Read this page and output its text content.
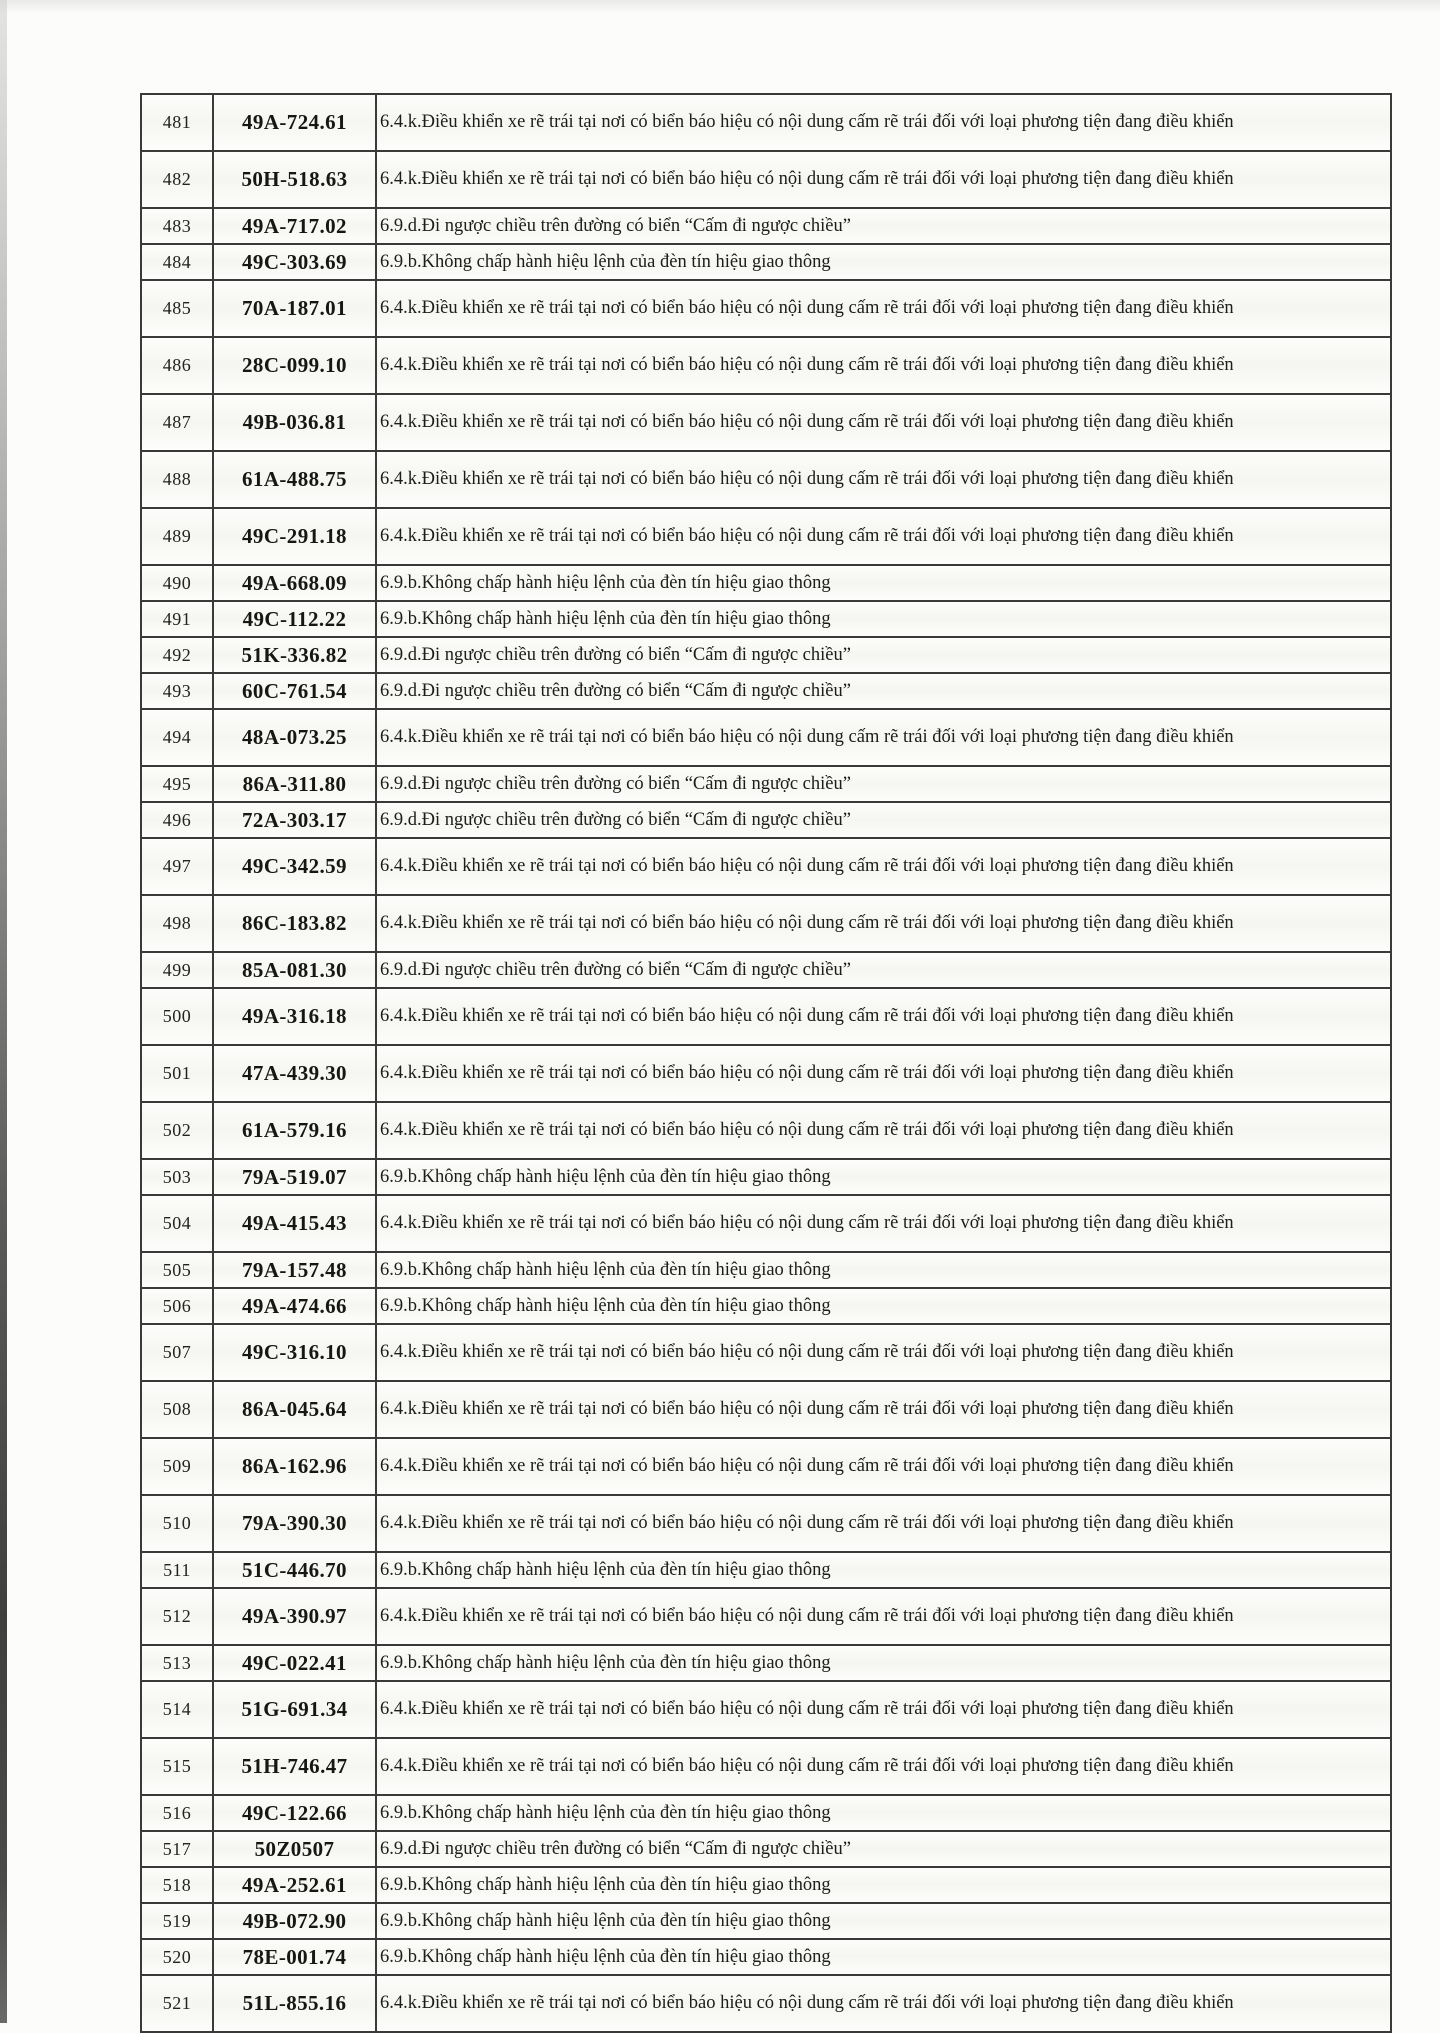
481	49A-724.61	6.4.k.Điều khiển xe rẽ trái tại nơi có biển báo hiệu có nội dung cấm rẽ trái đối với loại phương tiện đang điều khiển
482	50H-518.63	6.4.k.Điều khiển xe rẽ trái tại nơi có biển báo hiệu có nội dung cấm rẽ trái đối với loại phương tiện đang điều khiển
483	49A-717.02	6.9.d.Đi ngược chiều trên đường có biển “Cấm đi ngược chiều”
484	49C-303.69	6.9.b.Không chấp hành hiệu lệnh của đèn tín hiệu giao thông
485	70A-187.01	6.4.k.Điều khiển xe rẽ trái tại nơi có biển báo hiệu có nội dung cấm rẽ trái đối với loại phương tiện đang điều khiển
486	28C-099.10	6.4.k.Điều khiển xe rẽ trái tại nơi có biển báo hiệu có nội dung cấm rẽ trái đối với loại phương tiện đang điều khiển
487	49B-036.81	6.4.k.Điều khiển xe rẽ trái tại nơi có biển báo hiệu có nội dung cấm rẽ trái đối với loại phương tiện đang điều khiển
488	61A-488.75	6.4.k.Điều khiển xe rẽ trái tại nơi có biển báo hiệu có nội dung cấm rẽ trái đối với loại phương tiện đang điều khiển
489	49C-291.18	6.4.k.Điều khiển xe rẽ trái tại nơi có biển báo hiệu có nội dung cấm rẽ trái đối với loại phương tiện đang điều khiển
490	49A-668.09	6.9.b.Không chấp hành hiệu lệnh của đèn tín hiệu giao thông
491	49C-112.22	6.9.b.Không chấp hành hiệu lệnh của đèn tín hiệu giao thông
492	51K-336.82	6.9.d.Đi ngược chiều trên đường có biển “Cấm đi ngược chiều”
493	60C-761.54	6.9.d.Đi ngược chiều trên đường có biển “Cấm đi ngược chiều”
494	48A-073.25	6.4.k.Điều khiển xe rẽ trái tại nơi có biển báo hiệu có nội dung cấm rẽ trái đối với loại phương tiện đang điều khiển
495	86A-311.80	6.9.d.Đi ngược chiều trên đường có biển “Cấm đi ngược chiều”
496	72A-303.17	6.9.d.Đi ngược chiều trên đường có biển “Cấm đi ngược chiều”
497	49C-342.59	6.4.k.Điều khiển xe rẽ trái tại nơi có biển báo hiệu có nội dung cấm rẽ trái đối với loại phương tiện đang điều khiển
498	86C-183.82	6.4.k.Điều khiển xe rẽ trái tại nơi có biển báo hiệu có nội dung cấm rẽ trái đối với loại phương tiện đang điều khiển
499	85A-081.30	6.9.d.Đi ngược chiều trên đường có biển “Cấm đi ngược chiều”
500	49A-316.18	6.4.k.Điều khiển xe rẽ trái tại nơi có biển báo hiệu có nội dung cấm rẽ trái đối với loại phương tiện đang điều khiển
501	47A-439.30	6.4.k.Điều khiển xe rẽ trái tại nơi có biển báo hiệu có nội dung cấm rẽ trái đối với loại phương tiện đang điều khiển
502	61A-579.16	6.4.k.Điều khiển xe rẽ trái tại nơi có biển báo hiệu có nội dung cấm rẽ trái đối với loại phương tiện đang điều khiển
503	79A-519.07	6.9.b.Không chấp hành hiệu lệnh của đèn tín hiệu giao thông
504	49A-415.43	6.4.k.Điều khiển xe rẽ trái tại nơi có biển báo hiệu có nội dung cấm rẽ trái đối với loại phương tiện đang điều khiển
505	79A-157.48	6.9.b.Không chấp hành hiệu lệnh của đèn tín hiệu giao thông
506	49A-474.66	6.9.b.Không chấp hành hiệu lệnh của đèn tín hiệu giao thông
507	49C-316.10	6.4.k.Điều khiển xe rẽ trái tại nơi có biển báo hiệu có nội dung cấm rẽ trái đối với loại phương tiện đang điều khiển
508	86A-045.64	6.4.k.Điều khiển xe rẽ trái tại nơi có biển báo hiệu có nội dung cấm rẽ trái đối với loại phương tiện đang điều khiển
509	86A-162.96	6.4.k.Điều khiển xe rẽ trái tại nơi có biển báo hiệu có nội dung cấm rẽ trái đối với loại phương tiện đang điều khiển
510	79A-390.30	6.4.k.Điều khiển xe rẽ trái tại nơi có biển báo hiệu có nội dung cấm rẽ trái đối với loại phương tiện đang điều khiển
511	51C-446.70	6.9.b.Không chấp hành hiệu lệnh của đèn tín hiệu giao thông
512	49A-390.97	6.4.k.Điều khiển xe rẽ trái tại nơi có biển báo hiệu có nội dung cấm rẽ trái đối với loại phương tiện đang điều khiển
513	49C-022.41	6.9.b.Không chấp hành hiệu lệnh của đèn tín hiệu giao thông
514	51G-691.34	6.4.k.Điều khiển xe rẽ trái tại nơi có biển báo hiệu có nội dung cấm rẽ trái đối với loại phương tiện đang điều khiển
515	51H-746.47	6.4.k.Điều khiển xe rẽ trái tại nơi có biển báo hiệu có nội dung cấm rẽ trái đối với loại phương tiện đang điều khiển
516	49C-122.66	6.9.b.Không chấp hành hiệu lệnh của đèn tín hiệu giao thông
517	50Z0507	6.9.d.Đi ngược chiều trên đường có biển “Cấm đi ngược chiều”
518	49A-252.61	6.9.b.Không chấp hành hiệu lệnh của đèn tín hiệu giao thông
519	49B-072.90	6.9.b.Không chấp hành hiệu lệnh của đèn tín hiệu giao thông
520	78E-001.74	6.9.b.Không chấp hành hiệu lệnh của đèn tín hiệu giao thông
521	51L-855.16	6.4.k.Điều khiển xe rẽ trái tại nơi có biển báo hiệu có nội dung cấm rẽ trái đối với loại phương tiện đang điều khiển
